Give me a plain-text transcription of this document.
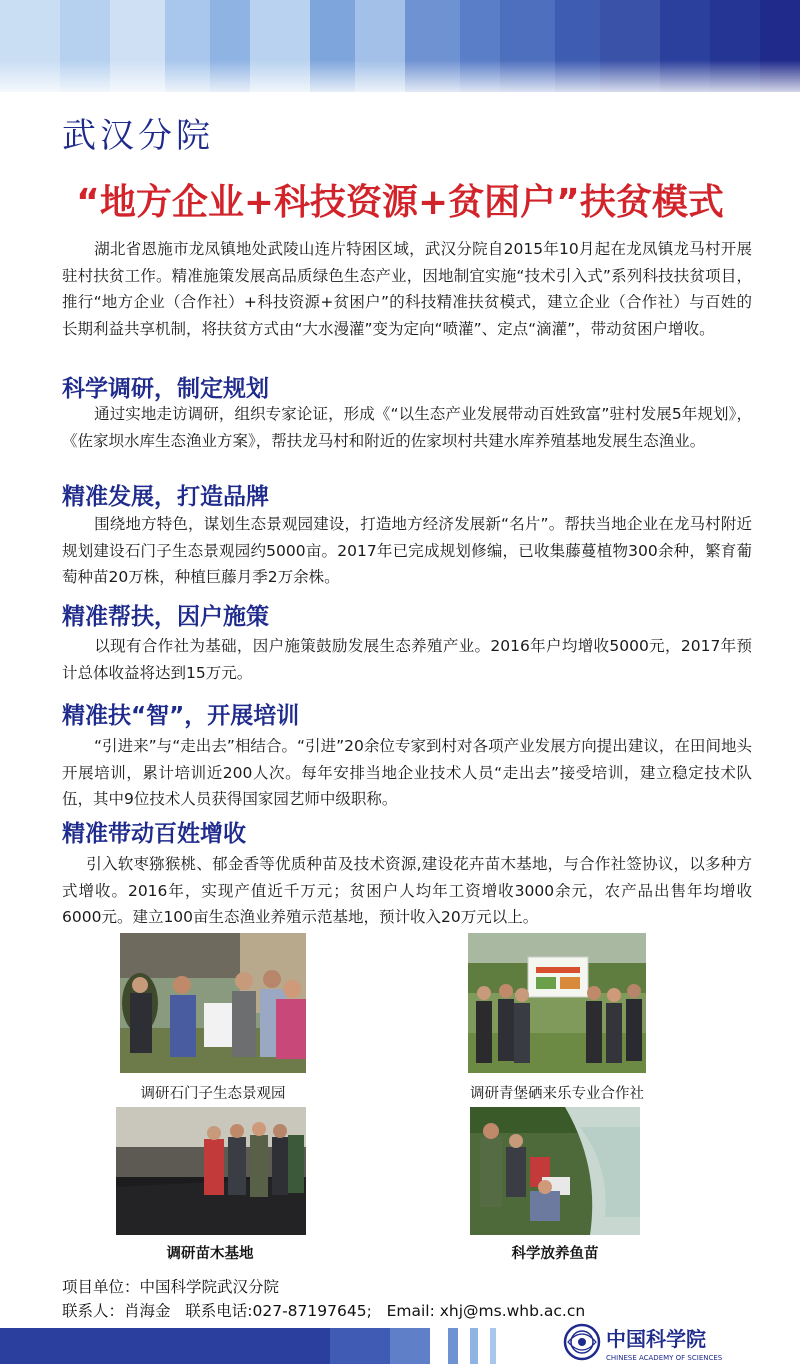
武汉分院
“地方企业+科技资源+贫困户”扶贫模式
湖北省恩施市龙凤镇地处武陵山连片特困区域，武汉分院自2015年10月起在龙凤镇龙马村开展驻村扶贫工作。精准施策发展高品质绿色生态产业，因地制宜实施“技术引入式”系列科技扶贫项目，推行“地方企业（合作社）+科技资源+贫困户”的科技精准扶贫模式，建立企业（合作社）与百姓的长期利益共享机制，将扶贫方式由“大水漫灌”变为定向“喷灌”、定点“滴灌”，带动贫困户增收。
科学调研，制定规划
通过实地走访调研，组织专家论证，形成《“以生态产业发展带动百姓致富”驻村发展5年规划》，《佐家坝水库生态渔业方案》，帮扶龙马村和附近的佐家坝村共建水库养殖基地发展生态渔业。
精准发展，打造品牌
围绕地方特色，谋划生态景观园建设，打造地方经济发展新“名片”。帮扶当地企业在龙马村附近规划建设石门子生态景观园约5000亩。2017年已完成规划修编，已收集藤蔓植物300余种，繁育葡萄种苗20万株，种植巨藤月季2万余株。
精准帮扶，因户施策
以现有合作社为基础，因户施策鼓励发展生态养殖产业。2016年户均增收5000元，2017年预计总体收益将达到15万元。
精准扶“智”，开展培训
“引进来”与“走出去”相结合。“引进”20余位专家到村对各项产业发展方向提出建议，在田间地头开展培训，累计培训近200人次。每年安排当地企业技术人员“走出去”接受培训，建立稳定技术队伍，其中9位技术人员获得国家园艺师中级职称。
精准带动百姓增收
引入软枣猕猴桃、郁金香等优质种苗及技术资源,建设花卉苗木基地，与合作社签协议，以多种方式增收。2016年，实现产值近千万元；贫困户人均年工资增收3000余元，农产品出售年均增收6000元。建立100亩生态渔业养殖示范基地，预计收入20万元以上。
调研石门子生态景观园	调研青堡硒来乐专业合作社
调研苗木基地	科学放养鱼苗
项目单位：中国科学院武汉分院
联系人：肖海金   联系电话:027-87197645;   Email: xhj@ms.whb.ac.cn
中国科学院
CHINESE ACADEMY OF SCIENCES
